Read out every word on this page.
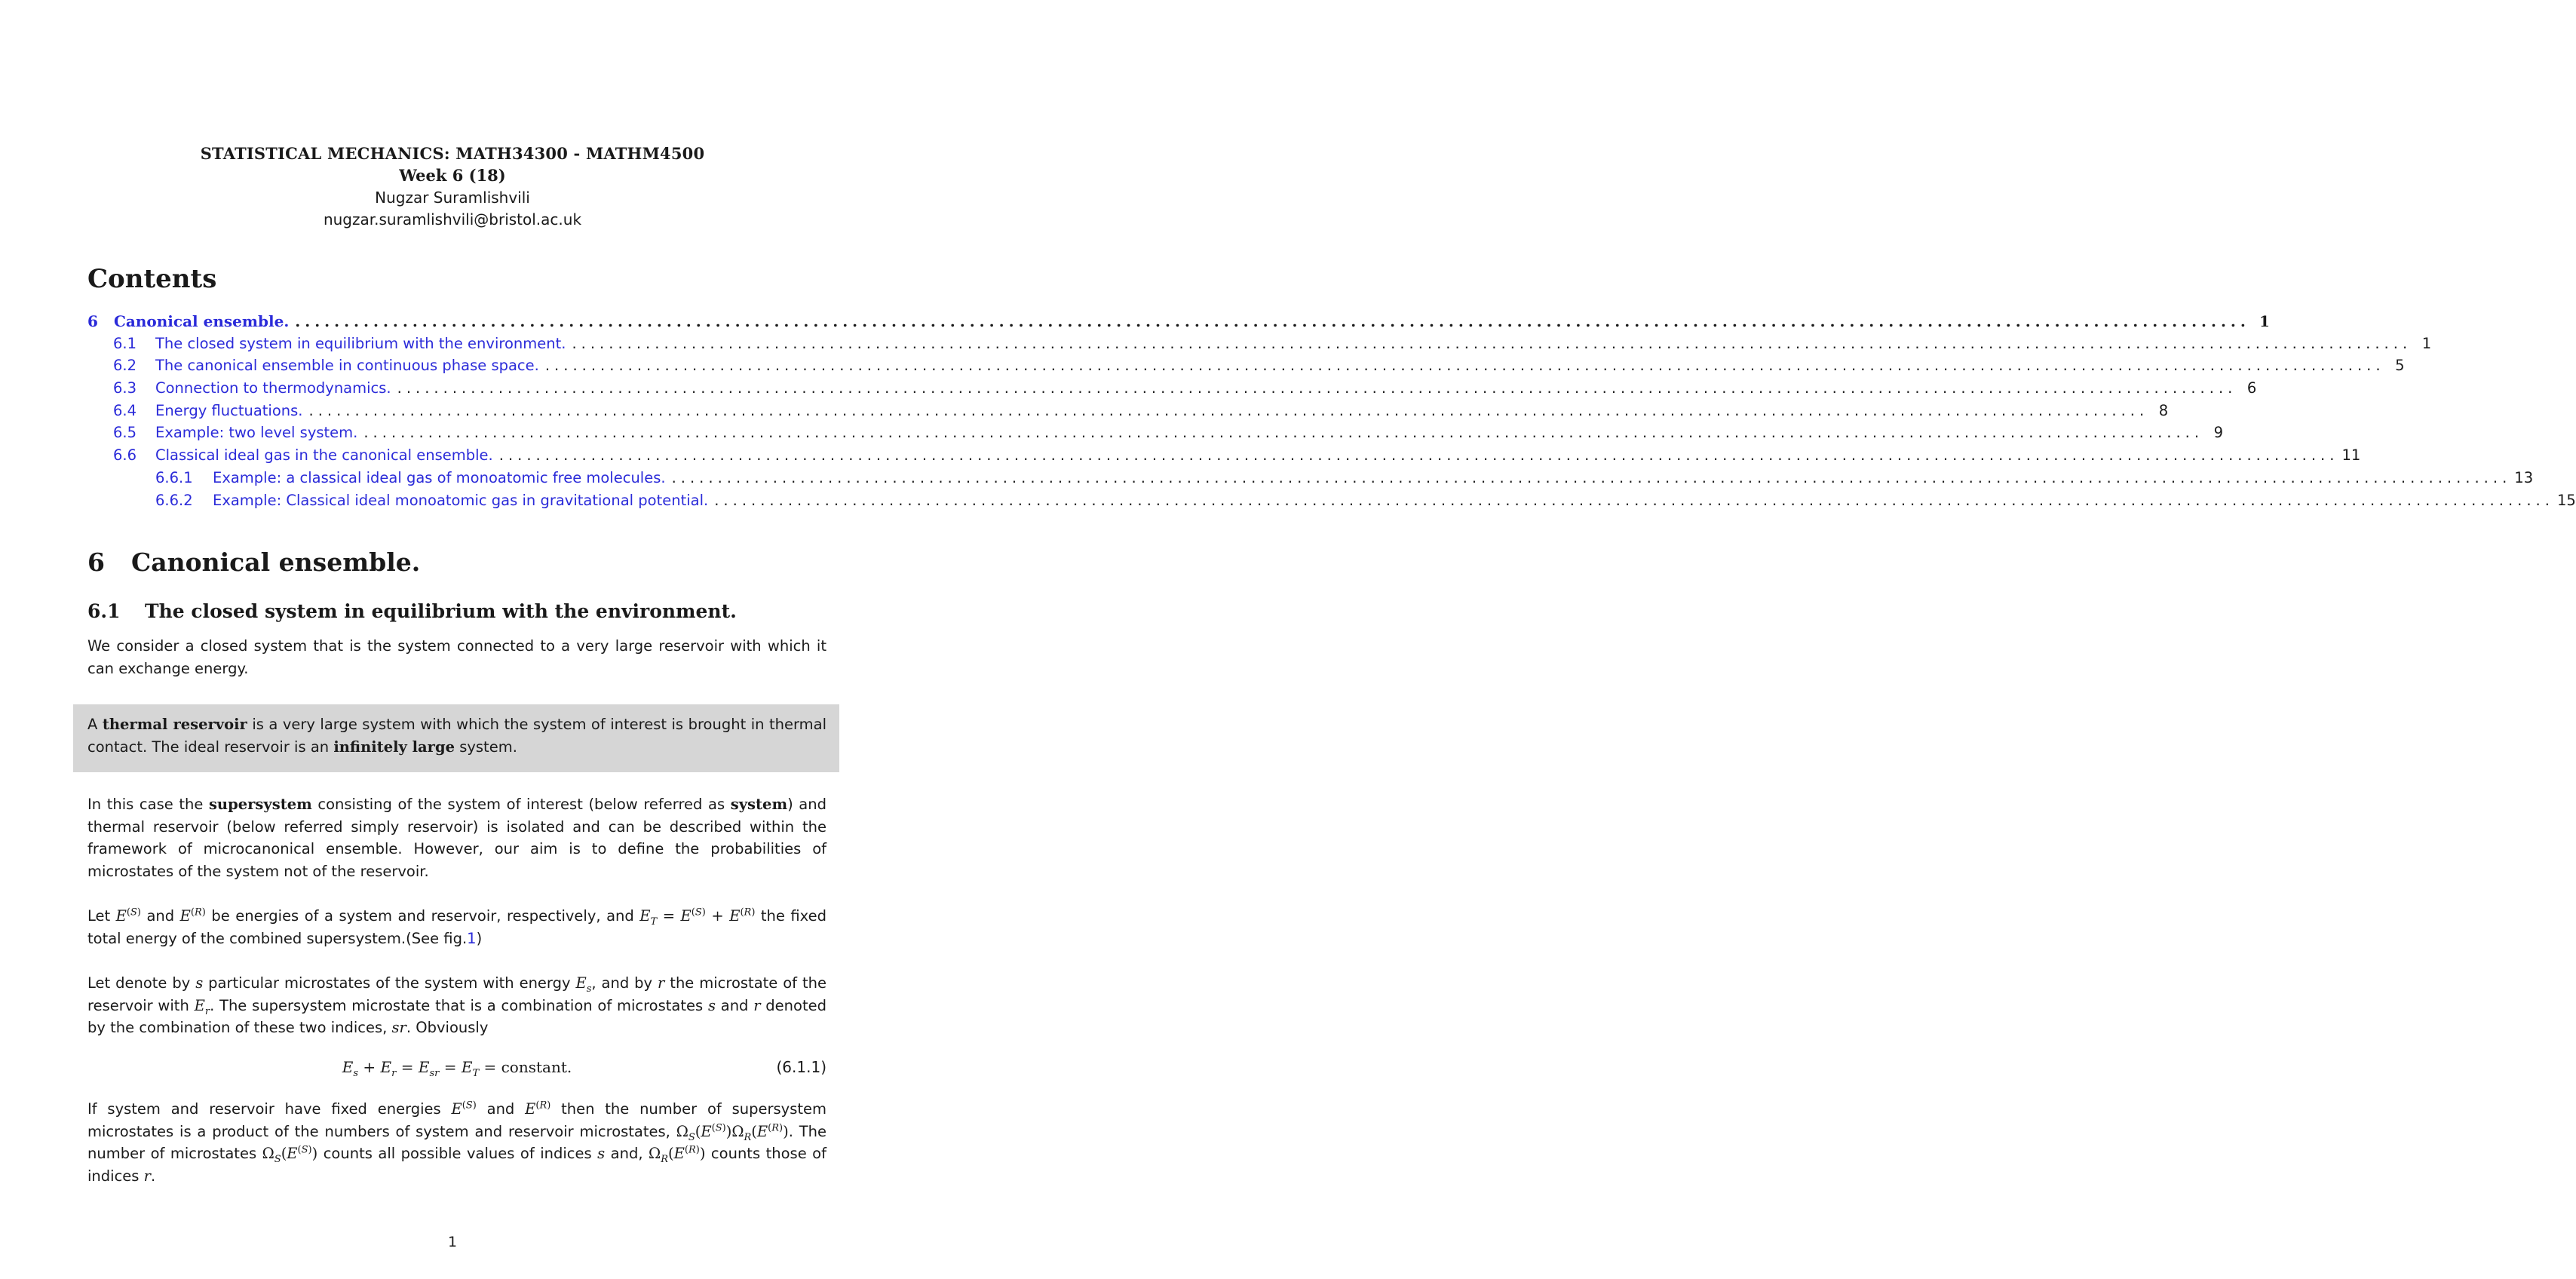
STATISTICAL MECHANICS: MATH34300 - MATHM4500
Week 6 (18)
Nugzar Suramlishvili
nugzar.suramlishvili@bristol.ac.uk
Contents
6	Canonical ensemble. ........................................................................................................................................................................................................ 1
6.1	The closed system in equilibrium with the environment. ........................................................................................................................................................................................................ 1
6.2	The canonical ensemble in continuous phase space. ........................................................................................................................................................................................................ 5
6.3	Connection to thermodynamics. ........................................................................................................................................................................................................ 6
6.4	Energy fluctuations. ........................................................................................................................................................................................................ 8
6.5	Example: two level system. ........................................................................................................................................................................................................ 9
6.6	Classical ideal gas in the canonical ensemble. ........................................................................................................................................................................................................ 11
6.6.1	Example: a classical ideal gas of monoatomic free molecules. ........................................................................................................................................................................................................ 13
6.6.2	Example: Classical ideal monoatomic gas in gravitational potential. ........................................................................................................................................................................................................ 15
6 Canonical ensemble.
6.1 The closed system in equilibrium with the environment.
We consider a closed system that is the system connected to a very large reservoir with which it can exchange energy.
A thermal reservoir is a very large system with which the system of interest is brought in thermal contact. The ideal reservoir is an infinitely large system.
In this case the supersystem consisting of the system of interest (below referred as system) and thermal reservoir (below referred simply reservoir) is isolated and can be described within the framework of microcanonical ensemble. However, our aim is to define the probabilities of microstates of the system not of the reservoir.
Let $E^{(S)}$ and $E^{(R)}$ be energies of a system and reservoir, respectively, and $E_T = E^{(S)} + E^{(R)}$ the fixed total energy of the combined supersystem.(See fig.1)
Let denote by s particular microstates of the system with energy $E_s$, and by r the microstate of the reservoir with $E_r$. The supersystem microstate that is a combination of microstates s and r denoted by the combination of these two indices, sr. Obviously
$E_s + E_r = E_{sr} = E_T$ = constant.	(6.1.1)
If system and reservoir have fixed energies $E^{(S)}$ and $E^{(R)}$ then the number of supersystem microstates is a product of the numbers of system and reservoir microstates, $\Omega_S(E^{(S)})\Omega_R(E^{(R)})$. The number of microstates $\Omega_S(E^{(S)})$ counts all possible values of indices s and, $\Omega_R(E^{(R)})$ counts those of indices r.
1
